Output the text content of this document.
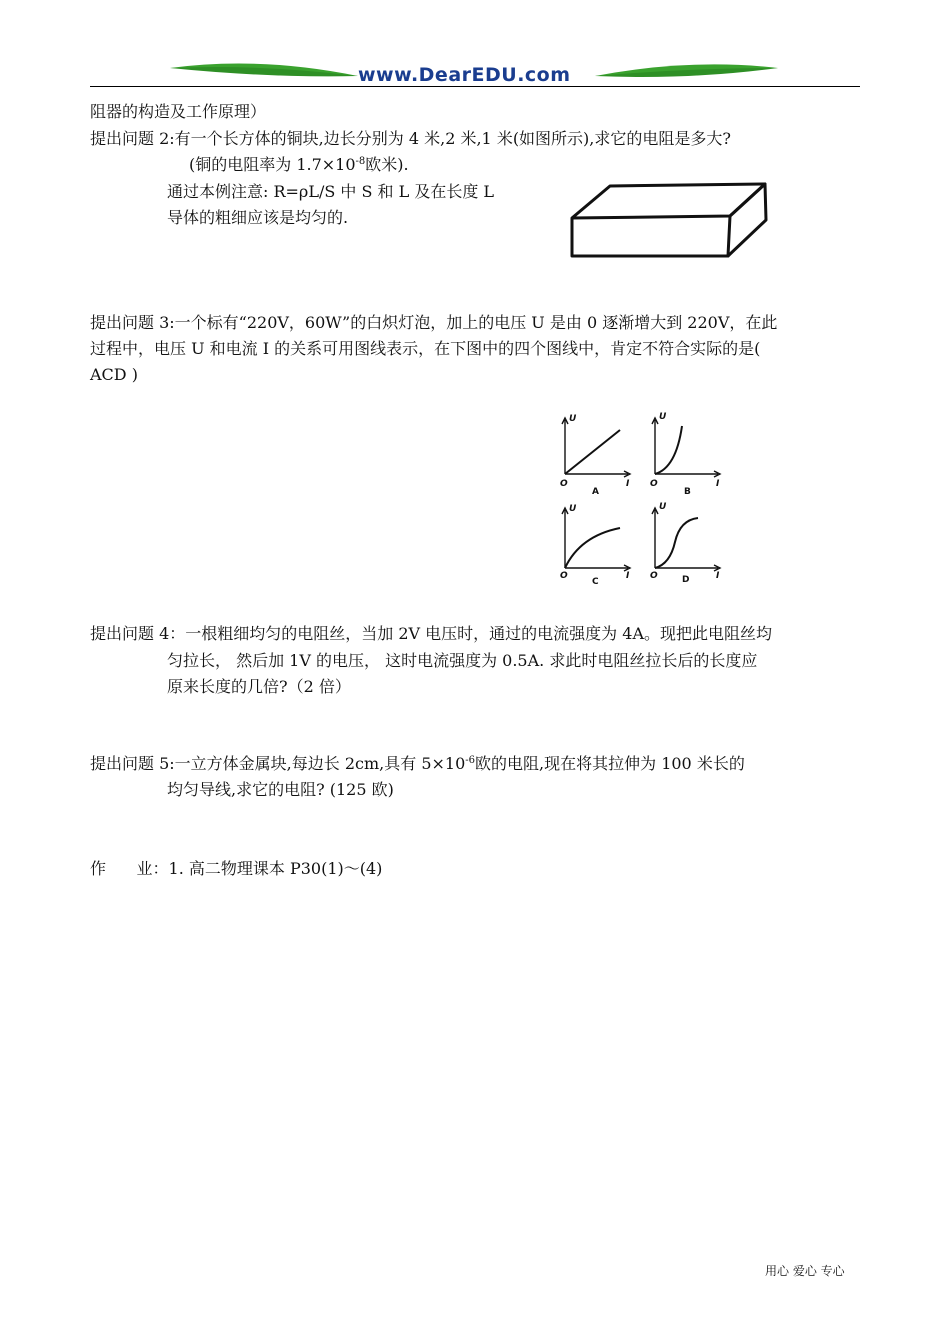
www.DearEDU.com
阻器的构造及工作原理）
提出问题 2:有一个长方体的铜块,边长分别为 4 米,2 米,1 米(如图所示),求它的电阻是多大?
(铜的电阻率为 $1.7\times 10^{-8}$欧米).
通过本例注意: R=ρL/S 中 S 和 L 及在长度 L
导体的粗细应该是均匀的.
提出问题 3:一个标有“220V，60W”的白炽灯泡，加上的电压 U 是由 0 逐渐增大到 220V，在此
过程中，电压 U 和电流 I 的关系可用图线表示，在下图中的四个图线中，肯定不符合实际的是(
ACD )
U
O	I
A
U
O	I
B
U
O	I
C
U
O	I
D
提出问题 4：一根粗细均匀的电阻丝，当加 2V 电压时，通过的电流强度为 4A。现把此电阻丝均
匀拉长， 然后加 1V 的电压， 这时电流强度为 0.5A. 求此时电阻丝拉长后的长度应
原来长度的几倍?（2 倍）
提出问题 5:一立方体金属块,每边长 2cm,具有 $5\times 10^{-6}$欧的电阻,现在将其拉伸为 100 米长的
均匀导线,求它的电阻? (125 欧)
作      业：1. 高二物理课本 P30(1)～(4)
用心 爱心 专心
